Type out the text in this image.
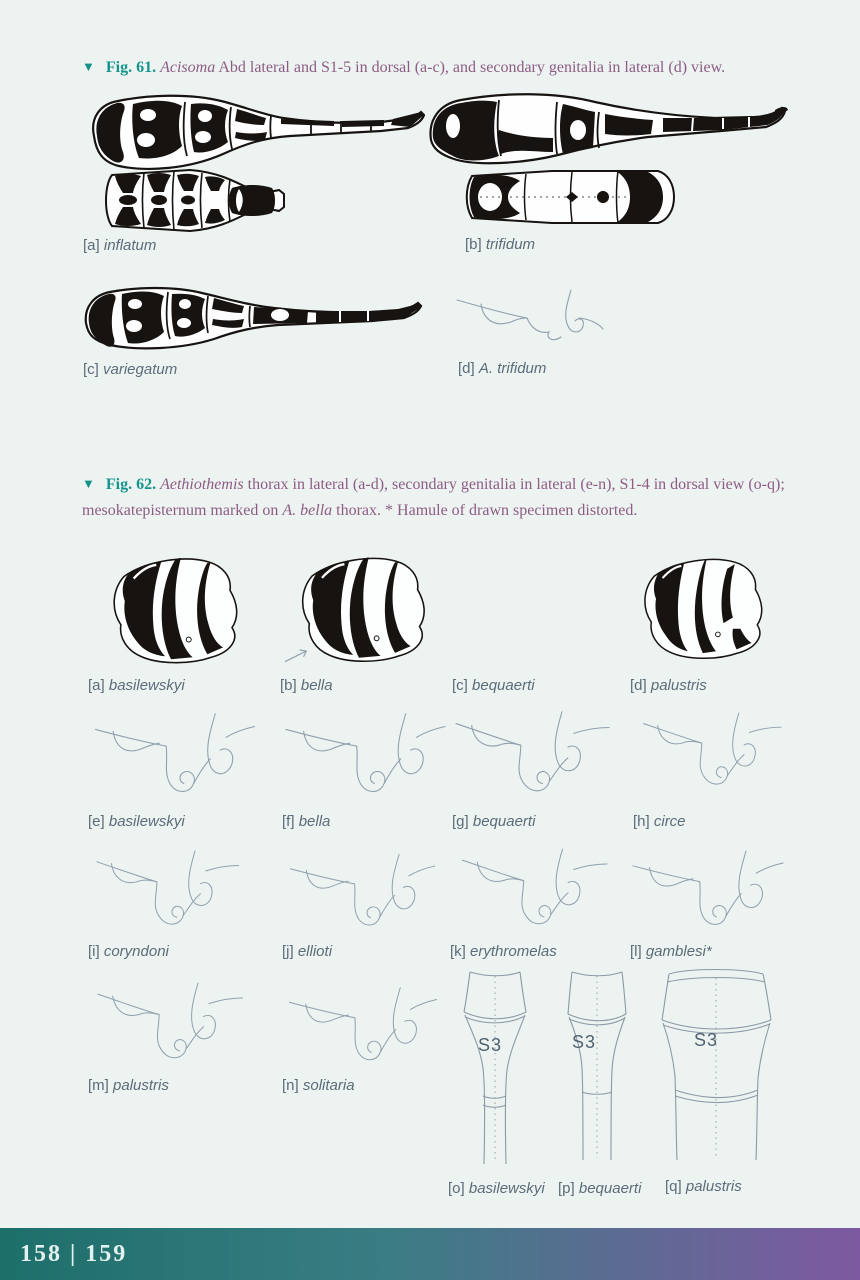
▼ Fig. 61. Acisoma Abd lateral and S1-5 in dorsal (a-c), and secondary genitalia in lateral (d) view.
[a] inflatum	[b] trifidum
[c] variegatum	[d] A. trifidum
▼ Fig. 62. Aethiothemis thorax in lateral (a-d), secondary genitalia in lateral (e-n), S1-4 in dorsal view (o-q); mesokatepisternum marked on A. bella thorax. * Hamule of drawn specimen distorted.
[a] basilewskyi	[b] bella	[c] bequaerti	[d] palustris
[e] basilewskyi	[f] bella	[g] bequaerti	[h] circe
[i] coryndoni	[j] ellioti	[k] erythromelas	[l] gamblesi*
[m] palustris	[n] solitaria
S3	S3	S3
[o] basilewskyi [p] bequaerti [q] palustris
158 | 159
